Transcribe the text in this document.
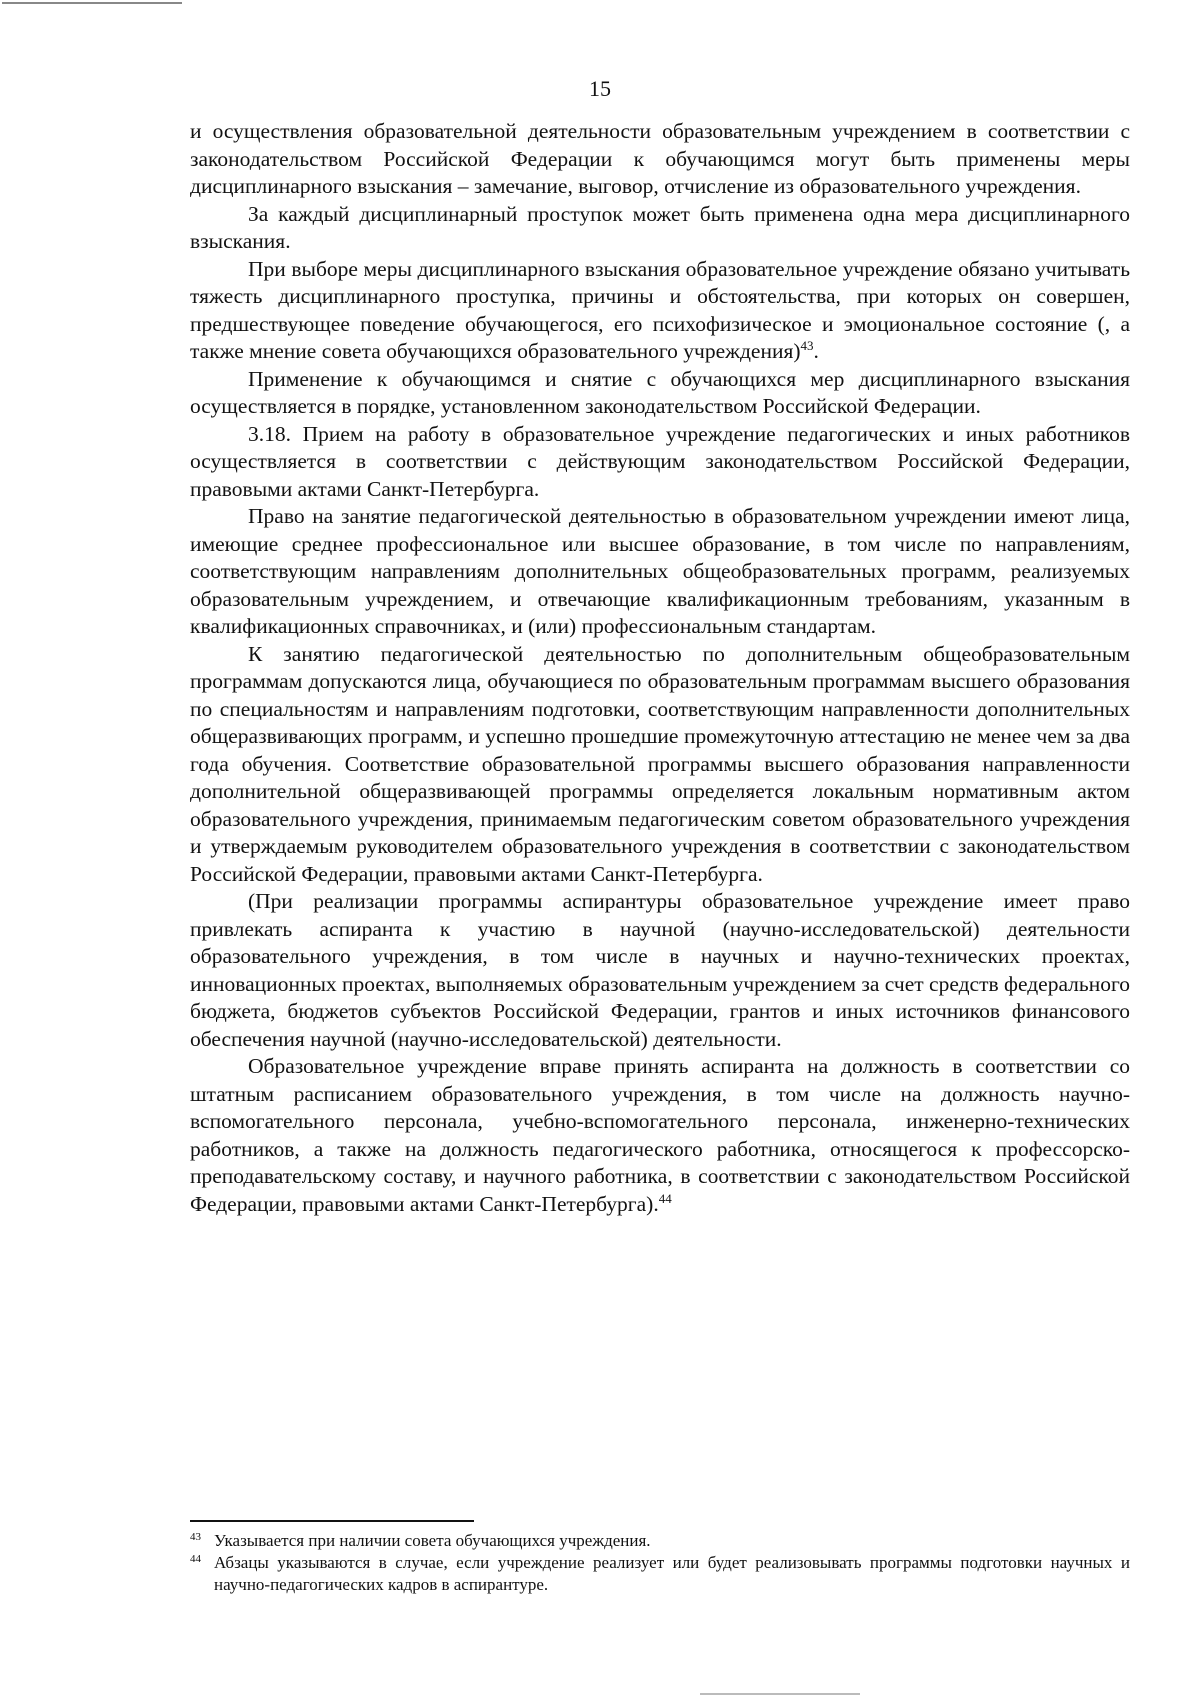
15

и осуществления образовательной деятельности образовательным учреждением в соответствии с законодательством Российской Федерации к обучающимся могут быть применены меры дисциплинарного взыскания – замечание, выговор, отчисление из образовательного учреждения.

За каждый дисциплинарный проступок может быть применена одна мера дисциплинарного взыскания.

При выборе меры дисциплинарного взыскания образовательное учреждение обязано учитывать тяжесть дисциплинарного проступка, причины и обстоятельства, при которых он совершен, предшествующее поведение обучающегося, его психофизическое и эмоциональное состояние (, а также мнение совета обучающихся образовательного учреждения)$^{43}$.

Применение к обучающимся и снятие с обучающихся мер дисциплинарного взыскания осуществляется в порядке, установленном законодательством Российской Федерации.

3.18. Прием на работу в образовательное учреждение педагогических и иных работников осуществляется в соответствии с действующим законодательством Российской Федерации, правовыми актами Санкт-Петербурга.

Право на занятие педагогической деятельностью в образовательном учреждении имеют лица, имеющие среднее профессиональное или высшее образование, в том числе по направлениям, соответствующим направлениям дополнительных общеобразовательных программ, реализуемых образовательным учреждением, и отвечающие квалификационным требованиям, указанным в квалификационных справочниках, и (или) профессиональным стандартам.

К занятию педагогической деятельностью по дополнительным общеобразовательным программам допускаются лица, обучающиеся по образовательным программам высшего образования по специальностям и направлениям подготовки, соответствующим направленности дополнительных общеразвивающих программ, и успешно прошедшие промежуточную аттестацию не менее чем за два года обучения. Соответствие образовательной программы высшего образования направленности дополнительной общеразвивающей программы определяется локальным нормативным актом образовательного учреждения, принимаемым педагогическим советом образовательного учреждения и утверждаемым руководителем образовательного учреждения в соответствии с законодательством Российской Федерации, правовыми актами Санкт-Петербурга.

(При реализации программы аспирантуры образовательное учреждение имеет право привлекать аспиранта к участию в научной (научно-исследовательской) деятельности образовательного учреждения, в том числе в научных и научно-технических проектах, инновационных проектах, выполняемых образовательным учреждением за счет средств федерального бюджета, бюджетов субъектов Российской Федерации, грантов и иных источников финансового обеспечения научной (научно-исследовательской) деятельности.

Образовательное учреждение вправе принять аспиранта на должность в соответствии со штатным расписанием образовательного учреждения, в том числе на должность научно-вспомогательного персонала, учебно-вспомогательного персонала, инженерно-технических работников, а также на должность педагогического работника, относящегося к профессорско-преподавательскому составу, и научного работника, в соответствии с законодательством Российской Федерации, правовыми актами Санкт-Петербурга).$^{44}$

43 Указывается при наличии совета обучающихся учреждения.
44 Абзацы указываются в случае, если учреждение реализует или будет реализовывать программы подготовки научных и научно-педагогических кадров в аспирантуре.
